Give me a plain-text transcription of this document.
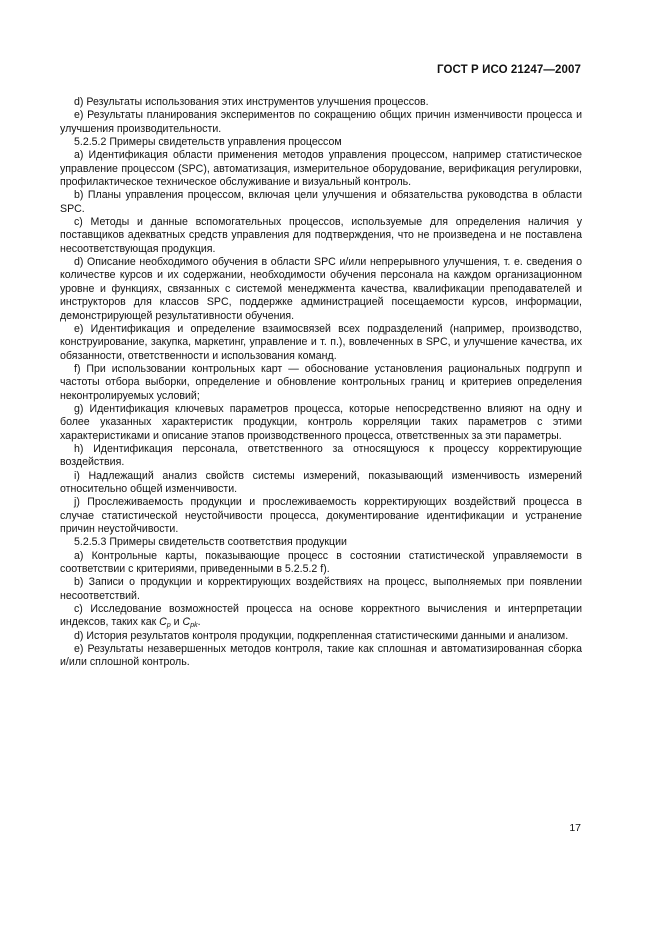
ГОСТ Р ИСО 21247—2007

d) Результаты использования этих инструментов улучшения процессов.

e) Результаты планирования экспериментов по сокращению общих причин изменчивости процесса и улучшения производительности.

5.2.5.2 Примеры свидетельств управления процессом

a) Идентификация области применения методов управления процессом, например статистическое управление процессом (SPC), автоматизация, измерительное оборудование, верификация регулировки, профилактическое техническое обслуживание и визуальный контроль.

b) Планы управления процессом, включая цели улучшения и обязательства руководства в области SPC.

c) Методы и данные вспомогательных процессов, используемые для определения наличия у поставщиков адекватных средств управления для подтверждения, что не произведена и не поставлена несоответствующая продукция.

d) Описание необходимого обучения в области SPC и/или непрерывного улучшения, т. е. сведения о количестве курсов и их содержании, необходимости обучения персонала на каждом организационном уровне и функциях, связанных с системой менеджмента качества, квалификации преподавателей и инструкторов для классов SPC, поддержке администрацией посещаемости курсов, информации, демонстрирующей результативности обучения.

e) Идентификация и определение взаимосвязей всех подразделений (например, производство, конструирование, закупка, маркетинг, управление и т. п.), вовлеченных в SPC, и улучшение качества, их обязанности, ответственности и использования команд.

f) При использовании контрольных карт — обоснование установления рациональных подгрупп и частоты отбора выборки, определение и обновление контрольных границ и критериев определения неконтролируемых условий;

g) Идентификация ключевых параметров процесса, которые непосредственно влияют на одну и более указанных характеристик продукции, контроль корреляции таких параметров с этими характеристиками и описание этапов производственного процесса, ответственных за эти параметры.

h) Идентификация персонала, ответственного за относящуюся к процессу корректирующие воздействия.

i) Надлежащий анализ свойств системы измерений, показывающий изменчивость измерений относительно общей изменчивости.

j) Прослеживаемость продукции и прослеживаемость корректирующих воздействий процесса в случае статистической неустойчивости процесса, документирование идентификации и устранение причин неустойчивости.

5.2.5.3 Примеры свидетельств соответствия продукции

a) Контрольные карты, показывающие процесс в состоянии статистической управляемости в соответствии с критериями, приведенными в 5.2.5.2 f).

b) Записи о продукции и корректирующих воздействиях на процесс, выполняемых при появлении несоответствий.

c) Исследование возможностей процесса на основе корректного вычисления и интерпретации индексов, таких как $C_p$ и $C_{pk}$.

d) История результатов контроля продукции, подкрепленная статистическими данными и анализом.

e) Результаты незавершенных методов контроля, такие как сплошная и автоматизированная сборка и/или сплошной контроль.

17
